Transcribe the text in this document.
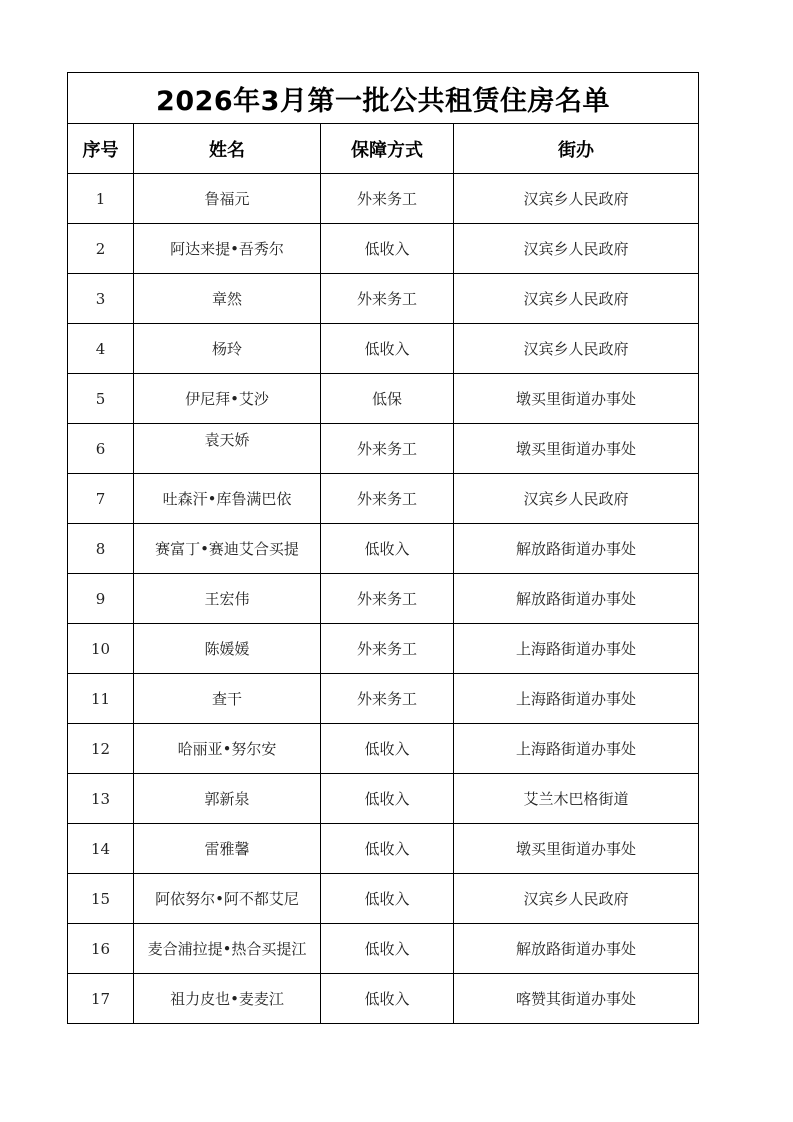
2026年3月第一批公共租赁住房名单			
序号	姓名	保障方式	街办
1	鲁福元	外来务工	汉宾乡人民政府
2	阿达来提•吾秀尔	低收入	汉宾乡人民政府
3	章然	外来务工	汉宾乡人民政府
4	杨玲	低收入	汉宾乡人民政府
5	伊尼拜•艾沙	低保	墩买里街道办事处
6	袁天娇	外来务工	墩买里街道办事处
7	吐森汗•库鲁满巴依	外来务工	汉宾乡人民政府
8	赛富丁•赛迪艾合买提	低收入	解放路街道办事处
9	王宏伟	外来务工	解放路街道办事处
10	陈媛媛	外来务工	上海路街道办事处
11	查干	外来务工	上海路街道办事处
12	哈丽亚•努尔安	低收入	上海路街道办事处
13	郭新泉	低收入	艾兰木巴格街道
14	雷雅馨	低收入	墩买里街道办事处
15	阿依努尔•阿不都艾尼	低收入	汉宾乡人民政府
16	麦合浦拉提•热合买提江	低收入	解放路街道办事处
17	祖力皮也•麦麦江	低收入	喀赞其街道办事处
